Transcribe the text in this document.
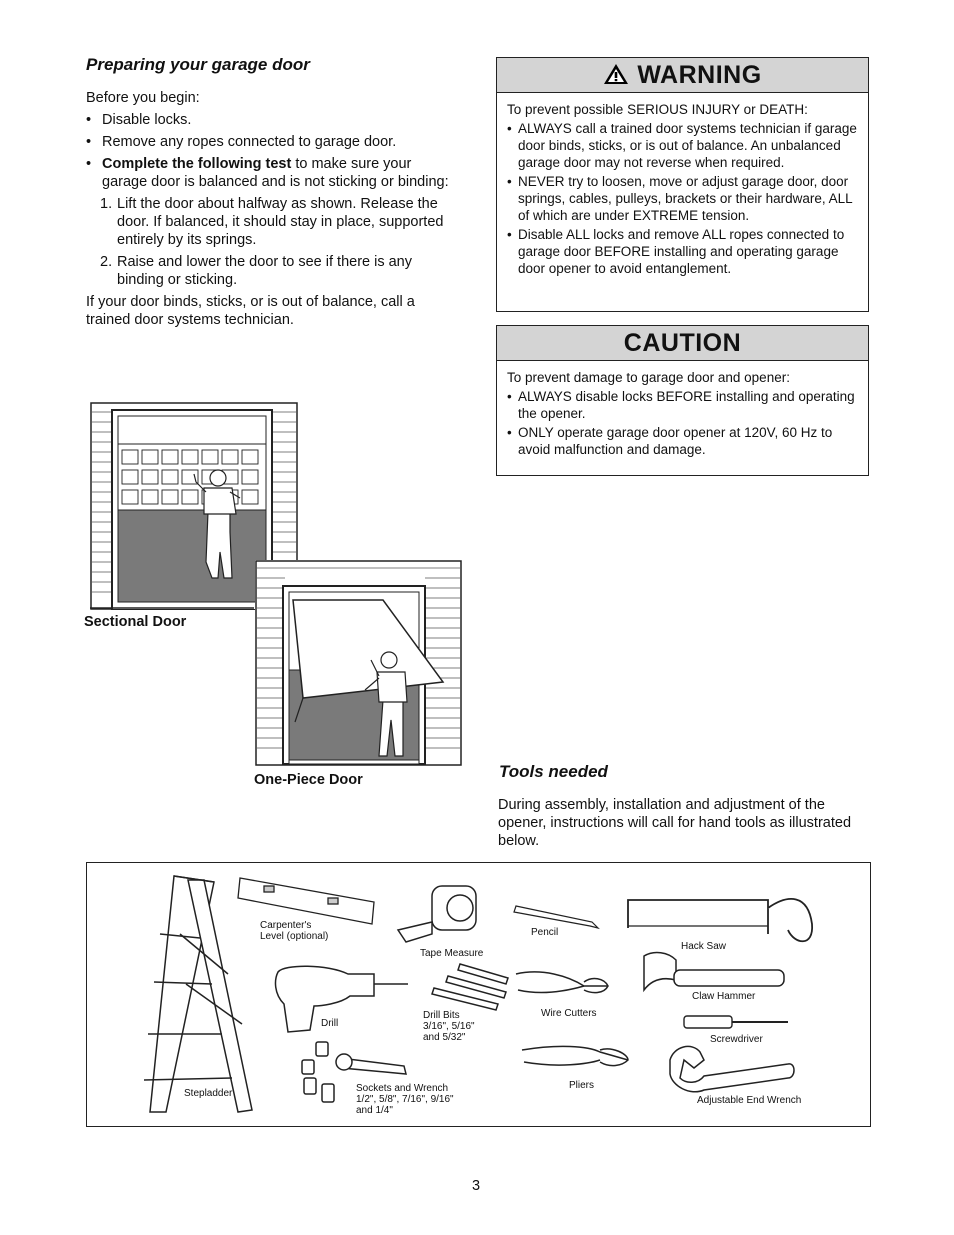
Preparing your garage door
Before you begin:
• Disable locks.
• Remove any ropes connected to garage door.
• Complete the following test to make sure your garage door is balanced and is not sticking or binding:
1. Lift the door about halfway as shown. Release the door. If balanced, it should stay in place, supported entirely by its springs.
2. Raise and lower the door to see if there is any binding or sticking.
If your door binds, sticks, or is out of balance, call a trained door systems technician.
WARNING
To prevent possible SERIOUS INJURY or DEATH:
• ALWAYS call a trained door systems technician if garage door binds, sticks, or is out of balance. An unbalanced garage door may not reverse when required.
• NEVER try to loosen, move or adjust garage door, door springs, cables, pulleys, brackets or their hardware, ALL of which are under EXTREME tension.
• Disable ALL locks and remove ALL ropes connected to garage door BEFORE installing and operating garage door opener to avoid entanglement.
CAUTION
To prevent damage to garage door and opener:
• ALWAYS disable locks BEFORE installing and operating the opener.
• ONLY operate garage door opener at 120V, 60 Hz to avoid malfunction and damage.
Sectional Door
One-Piece Door	Tools needed
During assembly, installation and adjustment of the opener, instructions will call for hand tools as illustrated below.
Carpenter's
Level (optional)
Tape Measure
Pencil
Hack Saw
Claw Hammer
Drill
Drill Bits
3/16", 5/16"
and 5/32"
Wire Cutters
Screwdriver
Pliers
Stepladder	Sockets and Wrench
1/2", 5/8", 7/16", 9/16"
and 1/4"
Adjustable End Wrench
3
